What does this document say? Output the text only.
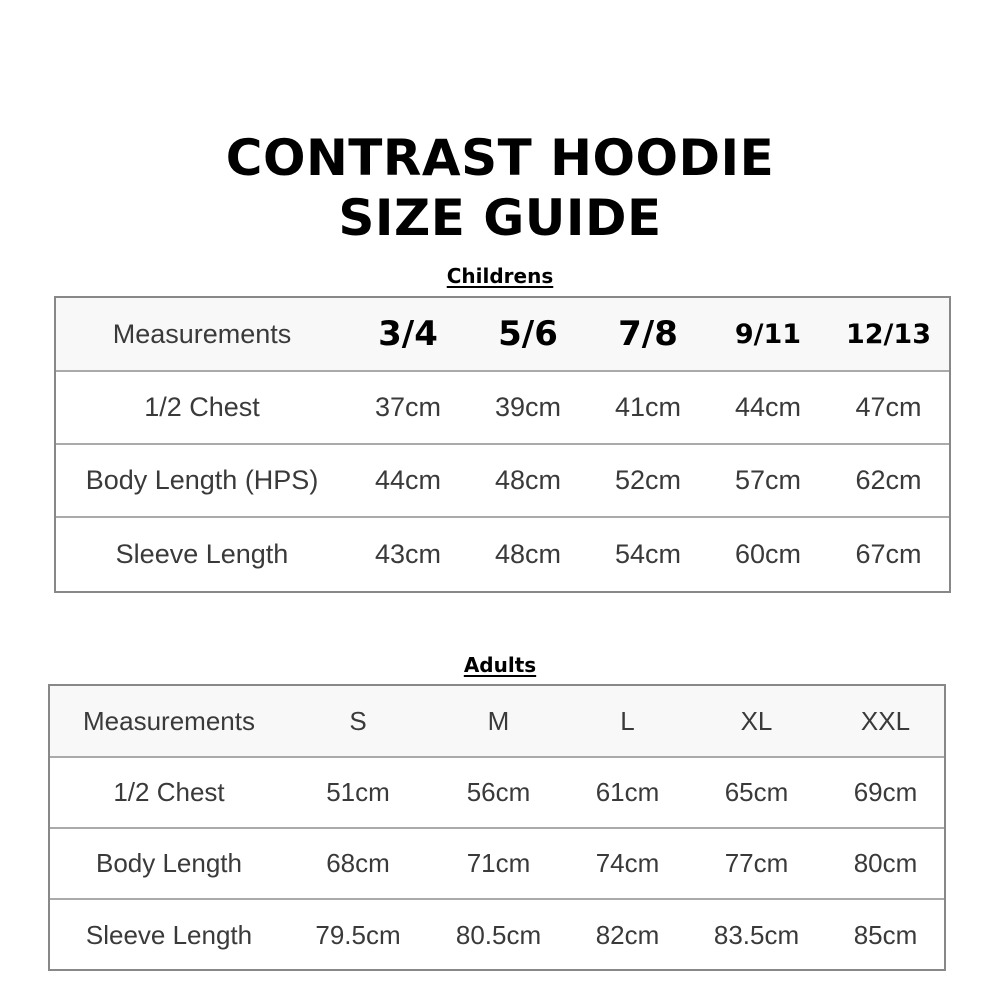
CONTRAST HOODIE
SIZE GUIDE
Childrens
Measurements	3/4	5/6	7/8	9/11	12/13
1/2 Chest	37cm	39cm	41cm	44cm	47cm
Body Length (HPS)	44cm	48cm	52cm	57cm	62cm
Sleeve Length	43cm	48cm	54cm	60cm	67cm
Adults
Measurements	S	M	L	XL	XXL
1/2 Chest	51cm	56cm	61cm	65cm	69cm
Body Length	68cm	71cm	74cm	77cm	80cm
Sleeve Length	79.5cm	80.5cm	82cm	83.5cm	85cm
